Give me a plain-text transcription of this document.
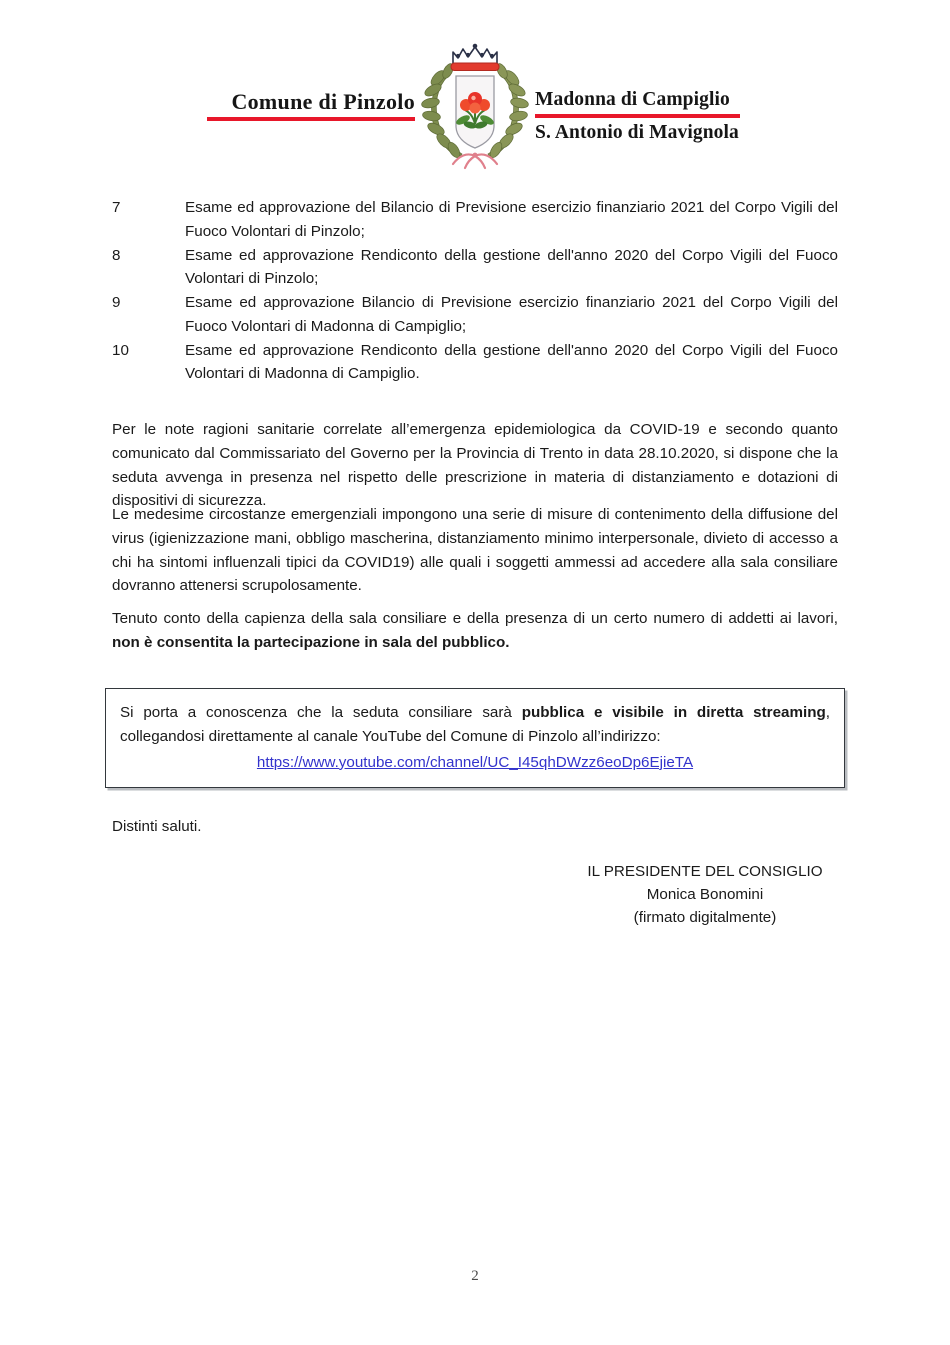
Comune di Pinzolo	Madonna di Campiglio
S. Antonio di Mavignola
7	Esame ed approvazione del Bilancio di Previsione esercizio finanziario 2021 del Corpo Vigili del Fuoco Volontari di Pinzolo;
8	Esame ed approvazione Rendiconto della gestione dell'anno 2020 del Corpo Vigili del Fuoco Volontari di Pinzolo;
9	Esame ed approvazione Bilancio di Previsione esercizio finanziario 2021 del Corpo Vigili del Fuoco Volontari di Madonna di Campiglio;
10	Esame ed approvazione Rendiconto della gestione dell'anno 2020 del Corpo Vigili del Fuoco Volontari di Madonna di Campiglio.
Per le note ragioni sanitarie correlate all’emergenza epidemiologica da COVID-19 e secondo quanto comunicato dal Commissariato del Governo per la Provincia di Trento in data 28.10.2020, si dispone che la seduta avvenga in presenza nel rispetto delle prescrizione in materia di distanziamento e dotazioni di dispositivi di sicurezza.
Le medesime circostanze emergenziali impongono una serie di misure di contenimento della diffusione del virus (igienizzazione mani, obbligo mascherina, distanziamento minimo interpersonale, divieto di accesso a chi ha sintomi influenzali tipici da COVID19) alle quali i soggetti ammessi ad accedere alla sala consiliare dovranno attenersi scrupolosamente.
Tenuto conto della capienza della sala consiliare e della presenza di un certo numero di addetti ai lavori, non è consentita la partecipazione in sala del pubblico.
Si porta a conoscenza che la seduta consiliare sarà pubblica e visibile in diretta streaming, collegandosi direttamente al canale YouTube del Comune di Pinzolo all’indirizzo:
https://www.youtube.com/channel/UC_I45qhDWzz6eoDp6EjieTA
Distinti saluti.
IL PRESIDENTE DEL CONSIGLIO
Monica Bonomini
(firmato digitalmente)
2
